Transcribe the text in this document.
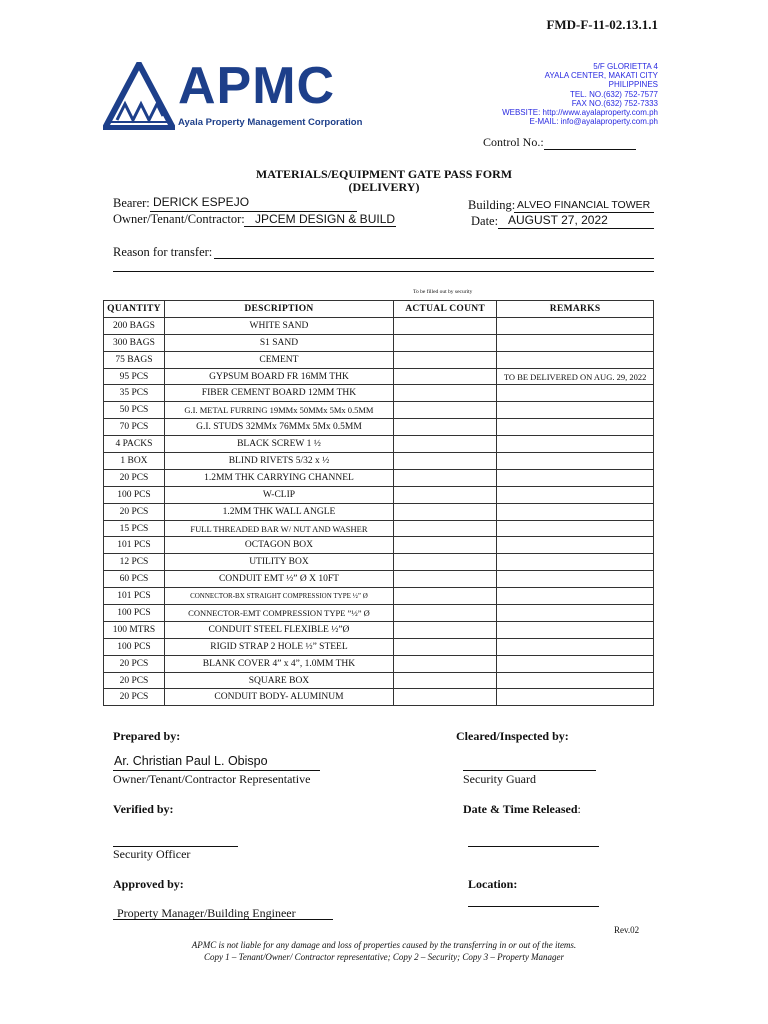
FMD-F-11-02.13.1.1
APMC
Ayala Property Management Corporation
5/F GLORIETTA 4
AYALA CENTER, MAKATI CITY
PHILIPPINES
TEL. NO.(632) 752-7577
FAX NO.(632) 752-7333
WEBSITE: http://www.ayalaproperty.com.ph
E-MAIL: info@ayalaproperty.com.ph
Control No.:
MATERIALS/EQUIPMENT GATE PASS FORM
(DELIVERY)
Bearer: DERICK ESPEJO
Owner/Tenant/Contractor: JPCEM DESIGN & BUILD
Building: ALVEO FINANCIAL TOWER
Date: AUGUST 27, 2022
Reason for transfer:
To be filled out by security
QUANTITY	DESCRIPTION	ACTUAL COUNT	REMARKS
200 BAGS	WHITE SAND		
300 BAGS	S1 SAND		
75 BAGS	CEMENT		
95 PCS	GYPSUM BOARD FR 16MM THK		TO BE DELIVERED ON AUG. 29, 2022
35 PCS	FIBER CEMENT BOARD 12MM THK		
50 PCS	G.I. METAL FURRING 19MMx 50MMx 5Mx 0.5MM		
70 PCS	G.I. STUDS 32MMx 76MMx 5Mx 0.5MM		
4 PACKS	BLACK SCREW 1 ½		
1 BOX	BLIND RIVETS 5/32 x ½		
20 PCS	1.2MM THK CARRYING CHANNEL		
100 PCS	W-CLIP		
20 PCS	1.2MM THK WALL ANGLE		
15 PCS	FULL THREADED BAR W/ NUT AND WASHER		
101 PCS	OCTAGON BOX		
12 PCS	UTILITY BOX		
60 PCS	CONDUIT EMT ½” Ø X 10FT		
101 PCS	CONNECTOR-BX STRAIGHT COMPRESSION TYPE ½” Ø		
100 PCS	CONNECTOR-EMT COMPRESSION TYPE ”½” Ø		
100 MTRS	CONDUIT STEEL FLEXIBLE ½”Ø		
100 PCS	RIGID STRAP 2 HOLE ½” STEEL		
20 PCS	BLANK COVER 4” x 4”, 1.0MM THK		
20 PCS	SQUARE BOX		
20 PCS	CONDUIT BODY- ALUMINUM		
Prepared by:	Cleared/Inspected by:
Ar. Christian Paul L. Obispo
Owner/Tenant/Contractor Representative	Security Guard
Verified by:	Date & Time Released:
Security Officer
Approved by:	Location:
Property Manager/Building Engineer
Rev.02
APMC is not liable for any damage and loss of properties caused by the transferring in or out of the items.
Copy 1 – Tenant/Owner/ Contractor representative; Copy 2 – Security; Copy 3 – Property Manager
